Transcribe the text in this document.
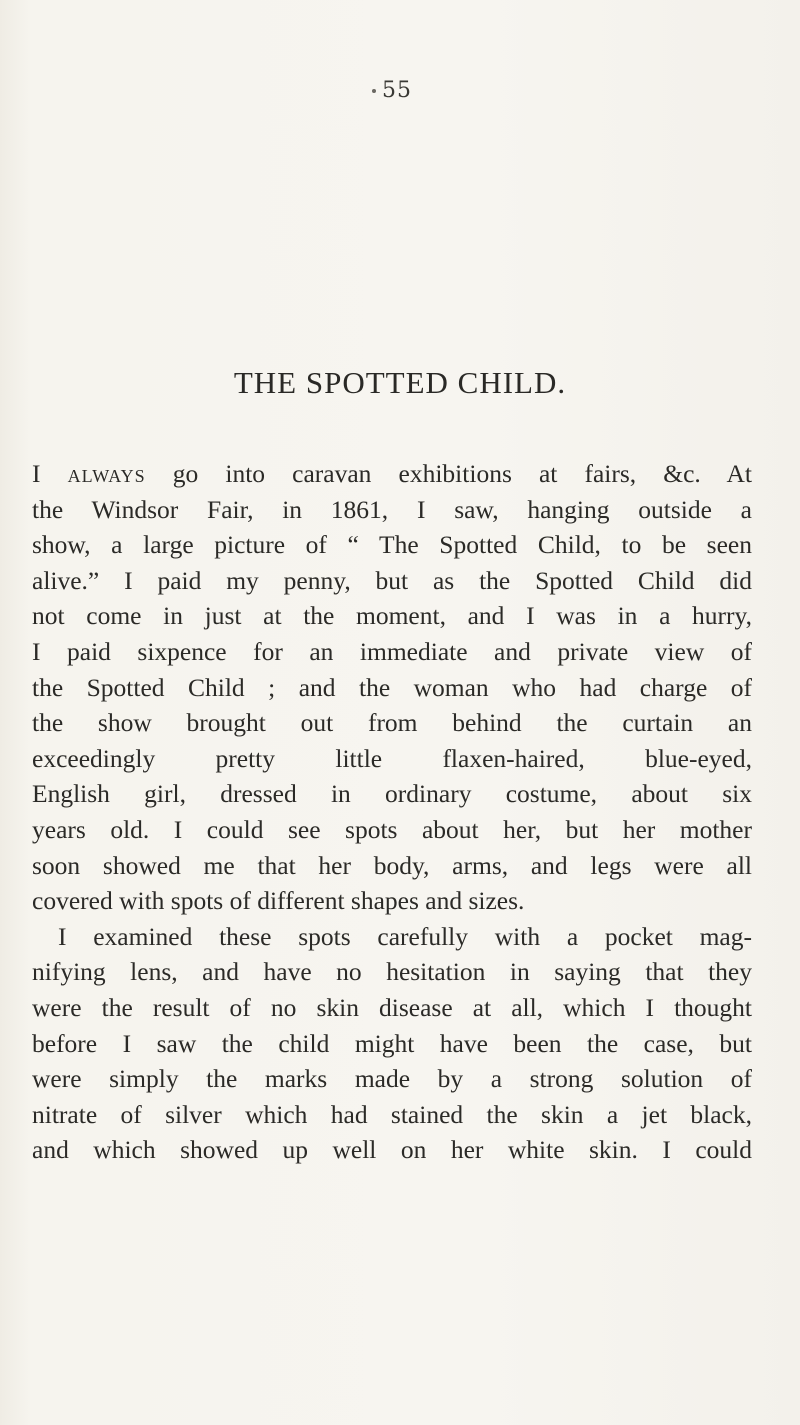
55
THE SPOTTED CHILD.
I always go into caravan exhibitions at fairs, &c. At
the Windsor Fair, in 1861, I saw, hanging outside a
show, a large picture of “ The Spotted Child, to be seen
alive.” I paid my penny, but as the Spotted Child did
not come in just at the moment, and I was in a hurry,
I paid sixpence for an immediate and private view of
the Spotted Child ; and the woman who had charge of
the show brought out from behind the curtain an
exceedingly pretty little flaxen-haired, blue-eyed,
English girl, dressed in ordinary costume, about six
years old. I could see spots about her, but her mother
soon showed me that her body, arms, and legs were all
covered with spots of different shapes and sizes.
I examined these spots carefully with a pocket mag-
nifying lens, and have no hesitation in saying that they
were the result of no skin disease at all, which I thought
before I saw the child might have been the case, but
were simply the marks made by a strong solution of
nitrate of silver which had stained the skin a jet black,
and which showed up well on her white skin. I could
